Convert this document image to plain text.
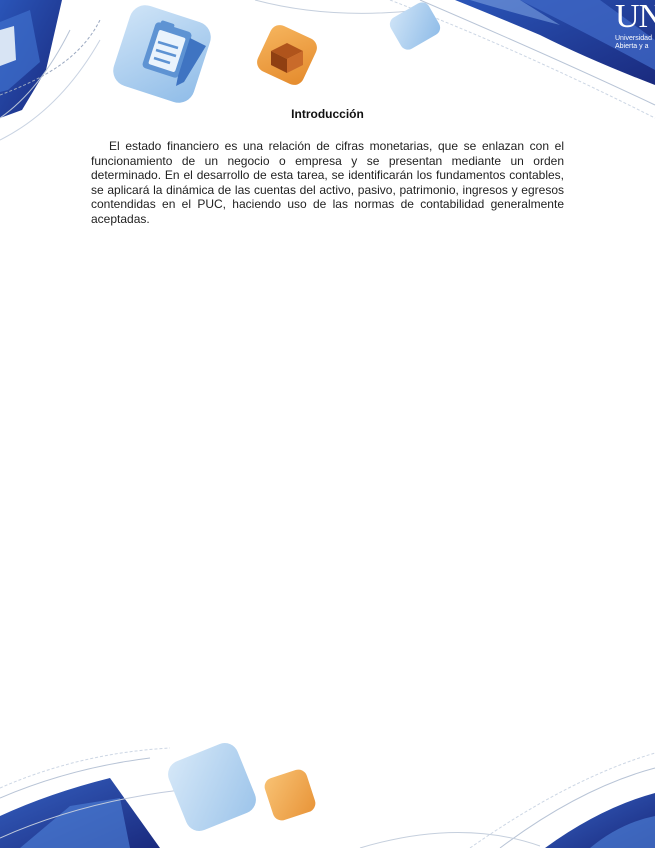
UN
Universidad
Abierta y a
Introducción

El estado financiero es una relación de cifras monetarias, que se enlazan con el funcionamiento de un negocio o empresa y se presentan mediante un orden determinado. En el desarrollo de esta tarea, se identificarán los fundamentos contables, se aplicará la dinámica de las cuentas del activo, pasivo, patrimonio, ingresos y egresos contendidas en el PUC, haciendo uso de las normas de contabilidad generalmente aceptadas.
